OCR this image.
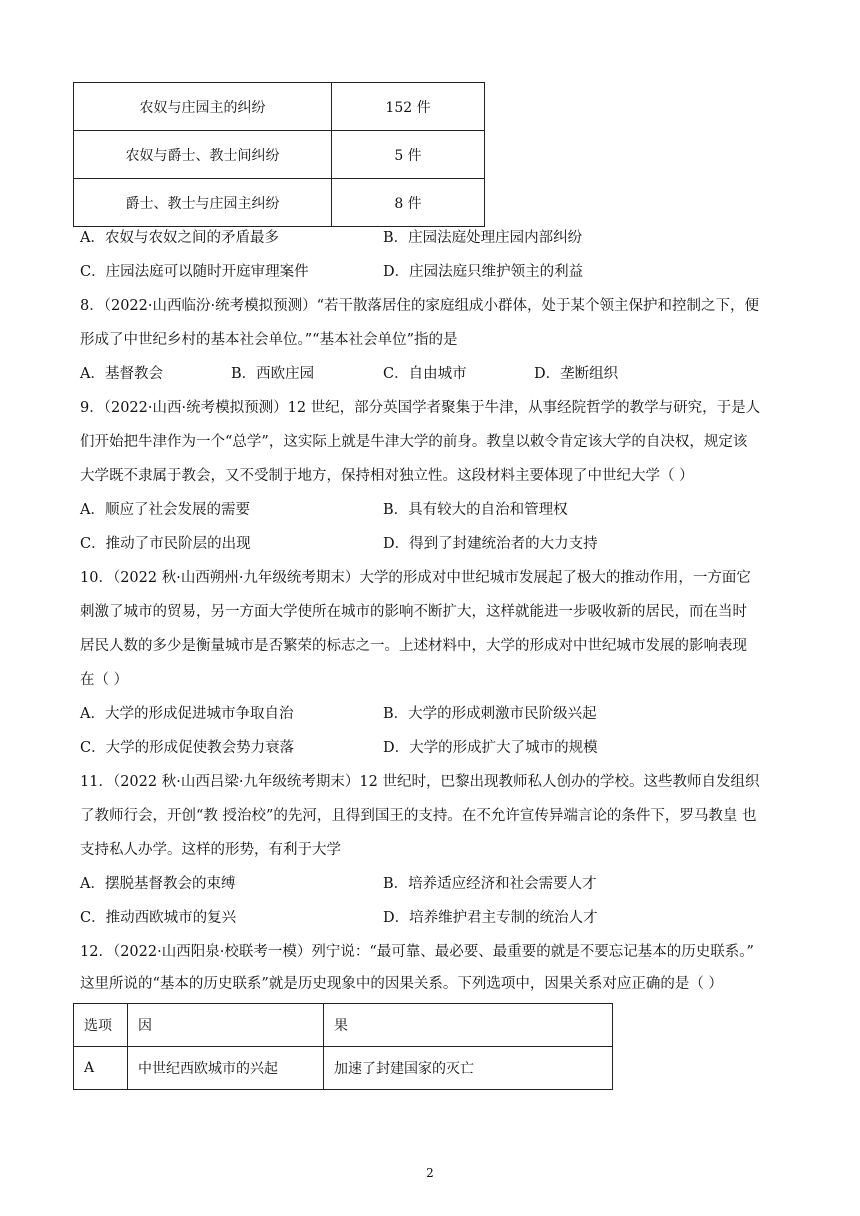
农奴与庄园主的纠纷	152 件
农奴与爵士、教士间纠纷	5 件
爵士、教士与庄园主纠纷	8 件
A．农奴与农奴之间的矛盾最多	B．庄园法庭处理庄园内部纠纷
C．庄园法庭可以随时开庭审理案件	D．庄园法庭只维护领主的利益
8．（2022·山西临汾·统考模拟预测）“若干散落居住的家庭组成小群体，处于某个领主保护和控制之下，便
形成了中世纪乡村的基本社会单位。”“基本社会单位”指的是
A．基督教会	B．西欧庄园	C．自由城市	D．垄断组织
9．（2022·山西·统考模拟预测）12 世纪，部分英国学者聚集于牛津，从事经院哲学的教学与研究，于是人
们开始把牛津作为一个“总学”，这实际上就是牛津大学的前身。教皇以敕令肯定该大学的自决权，规定该
大学既不隶属于教会，又不受制于地方，保持相对独立性。这段材料主要体现了中世纪大学（ ）
A．顺应了社会发展的需要	B．具有较大的自治和管理权
C．推动了市民阶层的出现	D．得到了封建统治者的大力支持
10．（2022 秋·山西朔州·九年级统考期末）大学的形成对中世纪城市发展起了极大的推动作用，一方面它
刺激了城市的贸易，另一方面大学使所在城市的影响不断扩大，这样就能进一步吸收新的居民，而在当时
居民人数的多少是衡量城市是否繁荣的标志之一。上述材料中，大学的形成对中世纪城市发展的影响表现
在（ ）
A．大学的形成促进城市争取自治	B．大学的形成刺激市民阶级兴起
C．大学的形成促使教会势力衰落	D．大学的形成扩大了城市的规模
11．（2022 秋·山西吕梁·九年级统考期末）12 世纪时，巴黎出现教师私人创办的学校。这些教师自发组织
了教师行会，开创“教 授治校”的先河，且得到国王的支持。在不允许宣传异端言论的条件下，罗马教皇 也
支持私人办学。这样的形势，有利于大学
A．摆脱基督教会的束缚	B．培养适应经济和社会需要人才
C．推动西欧城市的复兴	D．培养维护君主专制的统治人才
12．（2022·山西阳泉·校联考一模）列宁说：“最可靠、最必要、最重要的就是不要忘记基本的历史联系。”
这里所说的“基本的历史联系”就是历史现象中的因果关系。下列选项中，因果关系对应正确的是（ ）
选项	因	果
A	中世纪西欧城市的兴起	加速了封建国家的灭亡
2
